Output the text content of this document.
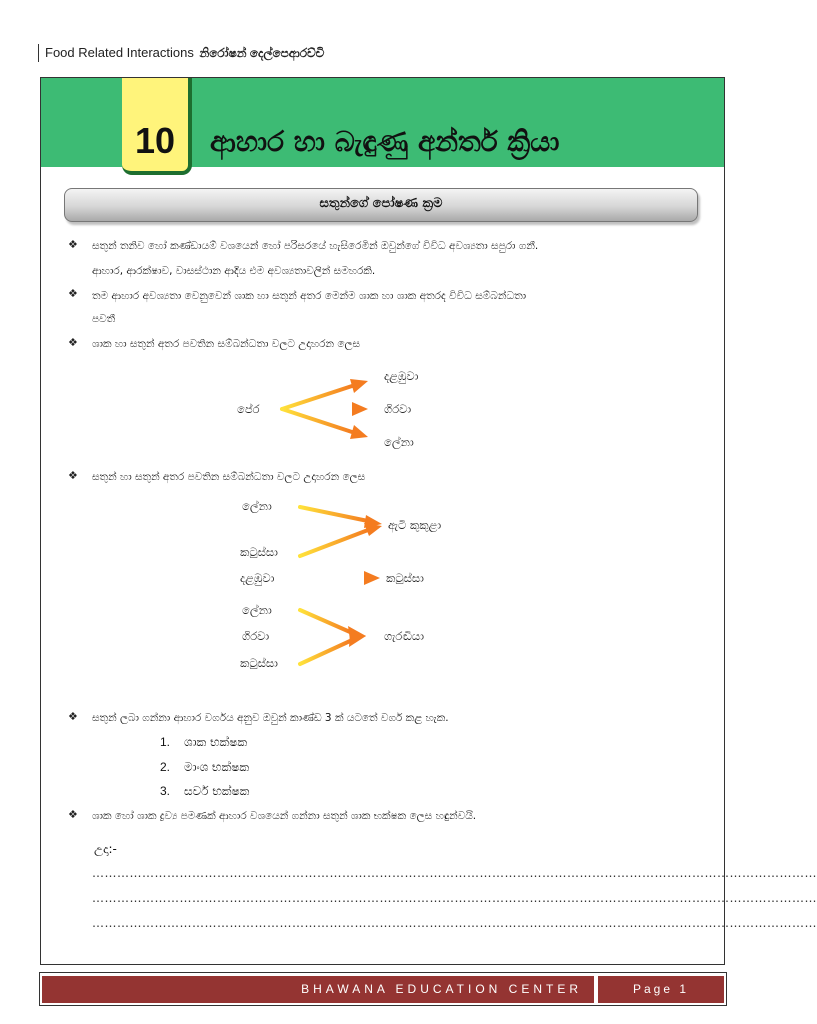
Food Related Interactions නිරෝෂන් දෙල්පෙආරච්චි
10	ආහාර හා බැඳුණු අන්තර් ක්‍රියා
සතුන්ගේ පෝෂණ ක්‍රම
❖ සතුන් තනිව හෝ කණ්ඩායම් වශයෙන් හෝ පරිසරයේ හැසිරෙමින් ඔවුන්ගේ විවිධ අවශ්‍යතා සපුරා ගනී.
ආහාර, ආරක්ෂාව, වාසස්ථාන ආදිය එම අවශ්‍යතාවලින් සමහරකි.
❖ තම ආහාර අවශ්‍යතා වෙනුවෙන් ශාක හා සතුන් අතර මෙන්ම ශාක හා ශාක අතරද විවිධ සම්බන්ධතා
පවතී
❖ ශාක හා සතුන් අතර පවතින සම්බන්ධතා වලට උදාහරන ලෙස
පේර
දළඹුවා
ගිරවා
ලේනා
❖ සතුන් හා සතුන් අතර පවතින සම්බන්ධතා වලට උදාහරන ලෙස
ලේනා
කටුස්සා
ඇටි කුකුළා
දළඹුවා	කටුස්සා
ලේනා
ගිරවා
කටුස්සා
ගැරඬියා
❖ සතුන් ලබා ගන්නා ආහාර වර්ගය අනුව ඔවුන් කාණ්ඩ 3 ක් යටතේ වර්ග කළ හැක.
1. ශාක භක්ෂක
2. මාංශ භක්ෂක
3. සර්ව භක්ෂක
❖ ශාක හෝ ශාක ද්‍රව්‍ය පමණක් ආහාර වශයෙන් ගන්නා සතුන් ශාක භක්ෂක ලෙස හඳුන්වයි.
උදා:-
…………………………………………………………………………………………………………………………………………………………
…………………………………………………………………………………………………………………………………………………………
…………………………………………………………………………………………………………………………………………………………
BHAWANA EDUCATION CENTER	Page 1
